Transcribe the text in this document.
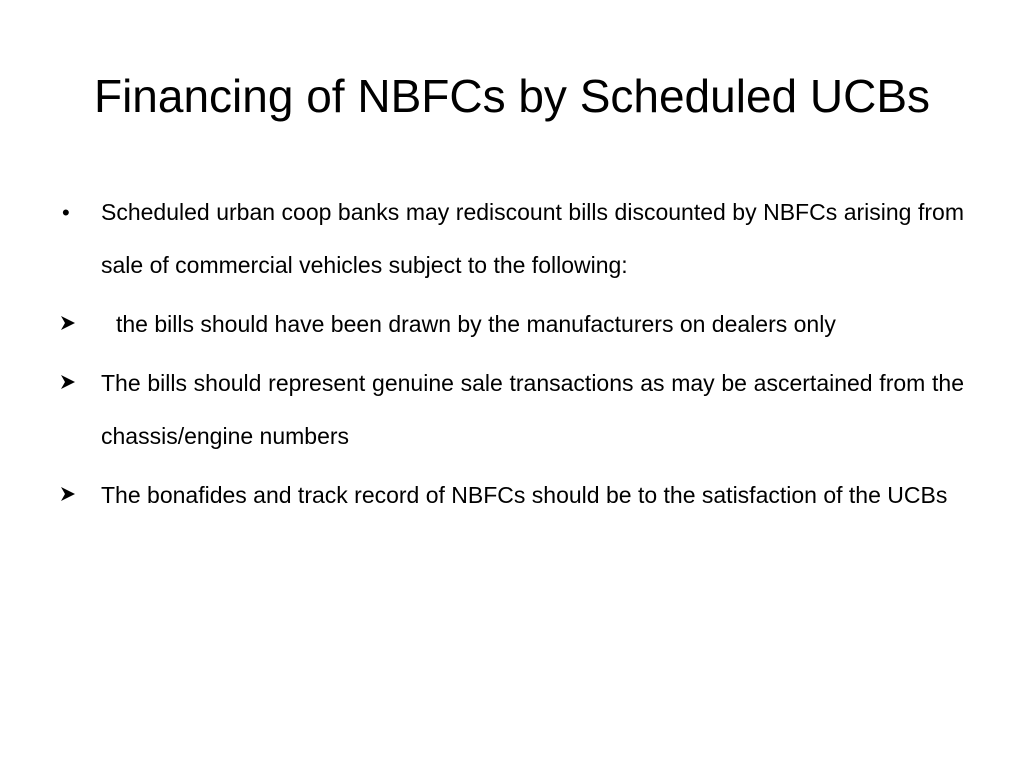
Financing of NBFCs by Scheduled UCBs
•	Scheduled urban coop banks may rediscount bills discounted by NBFCs arising from sale of commercial vehicles subject to the following:
the bills should have been drawn by the manufacturers on dealers only
The bills should represent genuine sale transactions as may be ascertained from the chassis/engine numbers
The bonafides and track record of NBFCs should be to the satisfaction of the UCBs
